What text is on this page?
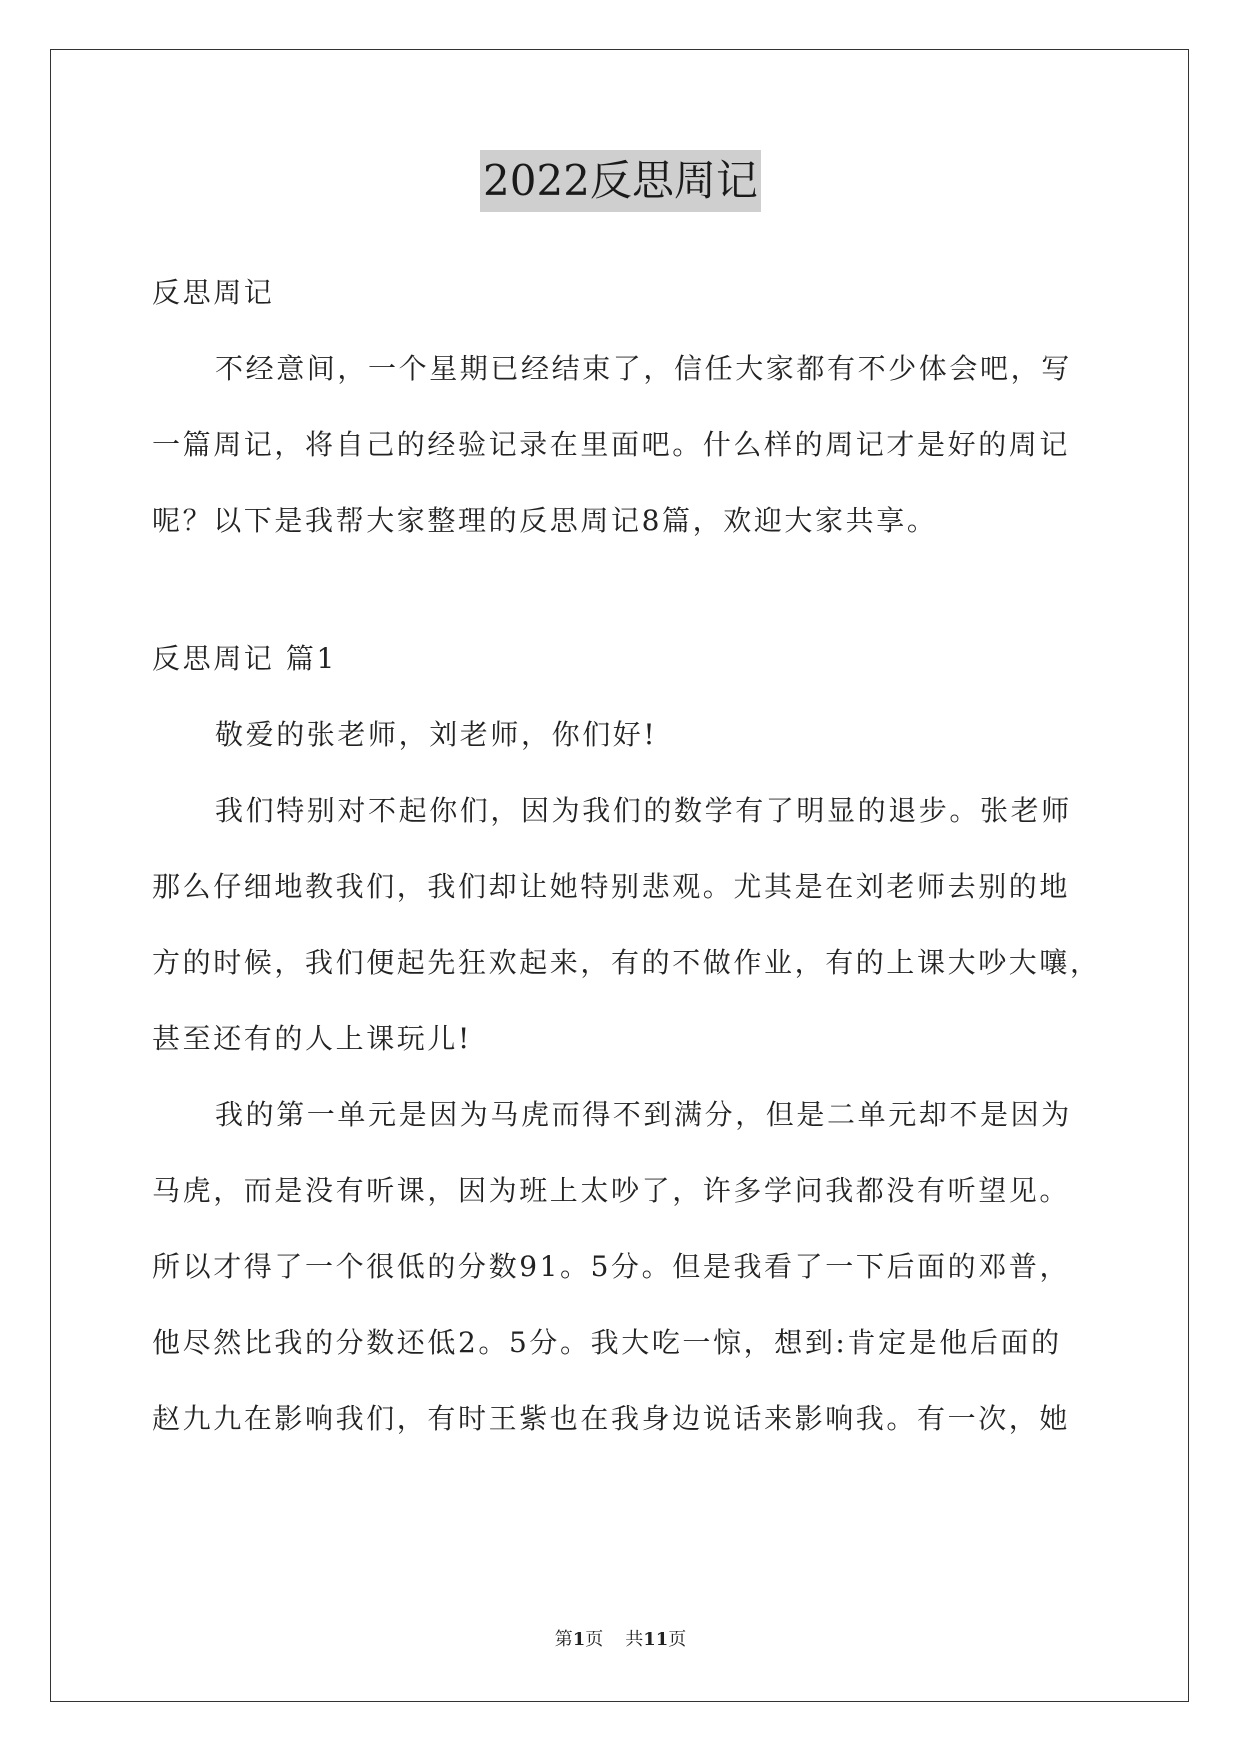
2022反思周记
反思周记
不经意间，一个星期已经结束了，信任大家都有不少体会吧，写
一篇周记，将自己的经验记录在里面吧。什么样的周记才是好的周记
呢？以下是我帮大家整理的反思周记8篇，欢迎大家共享。
反思周记 篇1
敬爱的张老师，刘老师，你们好!
我们特别对不起你们，因为我们的数学有了明显的退步。张老师
那么仔细地教我们，我们却让她特别悲观。尤其是在刘老师去别的地
方的时候，我们便起先狂欢起来，有的不做作业，有的上课大吵大嚷，
甚至还有的人上课玩儿!
我的第一单元是因为马虎而得不到满分，但是二单元却不是因为
马虎，而是没有听课，因为班上太吵了，许多学问我都没有听望见。
所以才得了一个很低的分数91。5分。但是我看了一下后面的邓普，
他尽然比我的分数还低2。5分。我大吃一惊，想到:肯定是他后面的
赵九九在影响我们，有时王紫也在我身边说话来影响我。有一次，她
第1页 共11页
